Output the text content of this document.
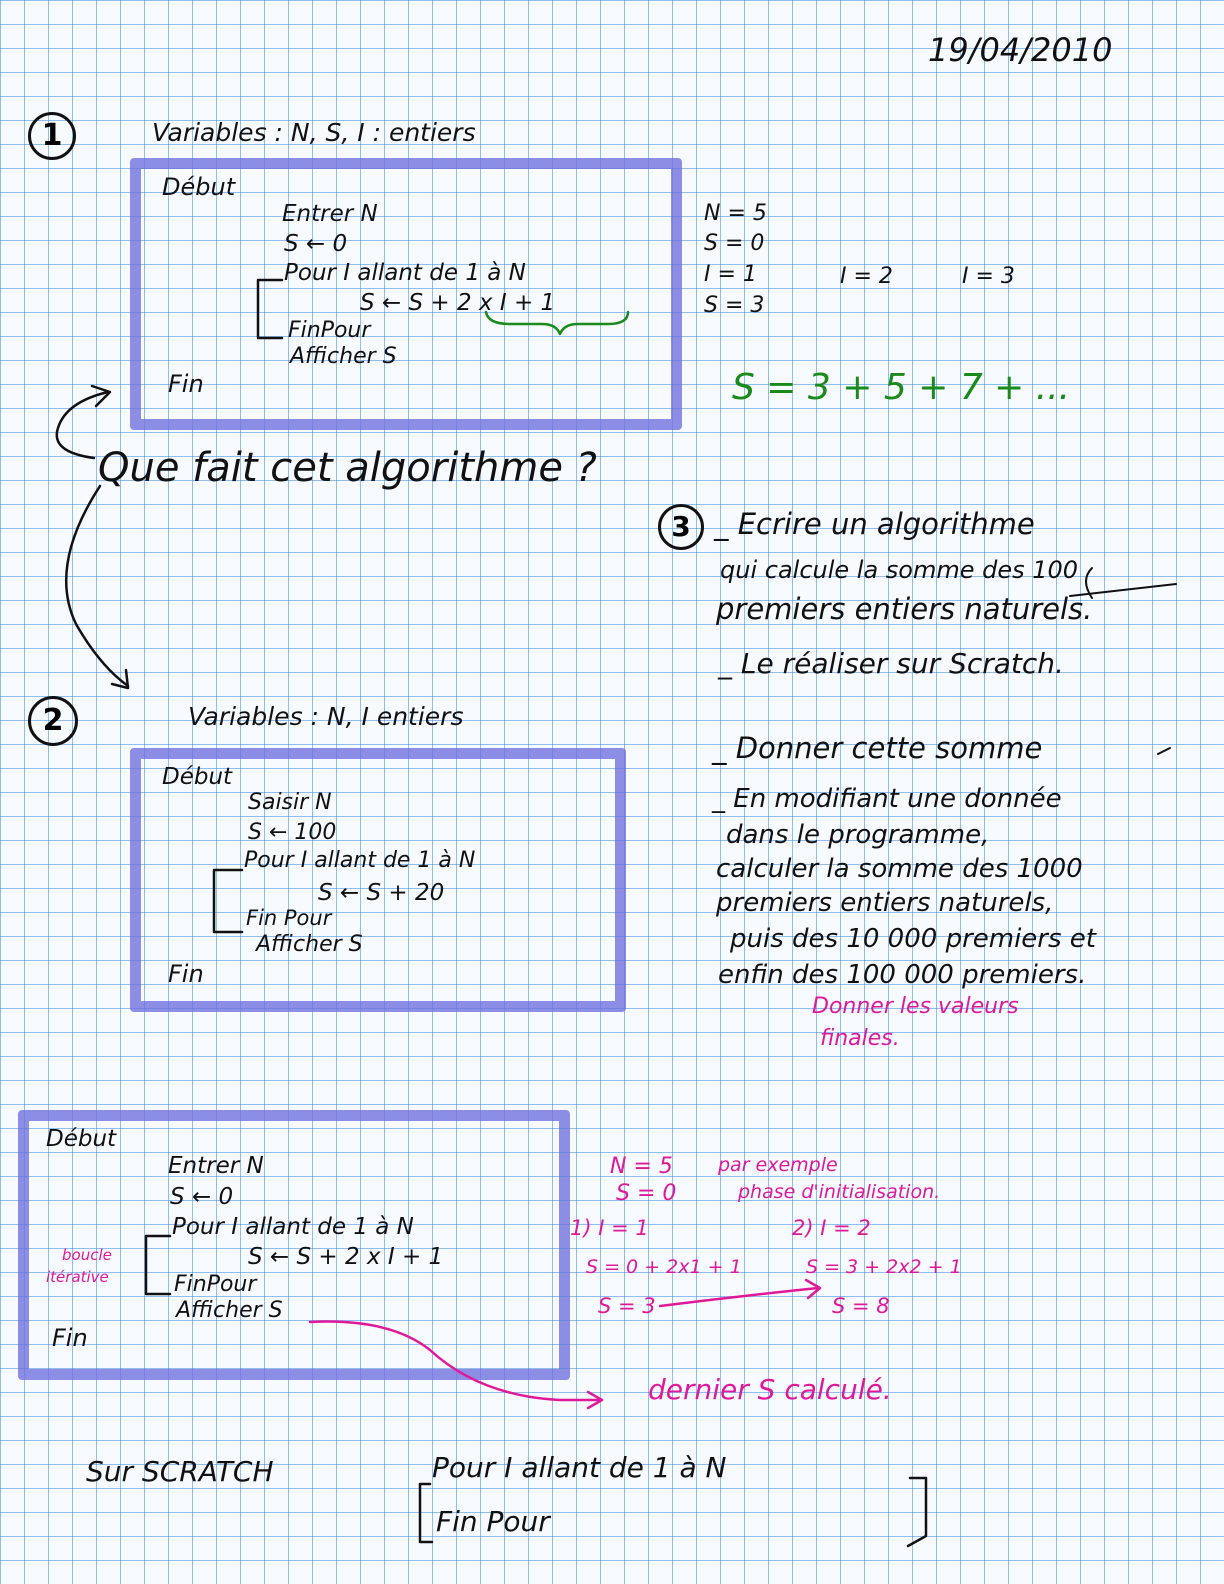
19/04/2010
1	Variables : N, S, I : entiers
Début
Entrer N
S ← 0
Pour I allant de 1 à N
S ← S + 2 x I + 1
FinPour
Afficher S
Fin
N = 5
S = 0
I = 1
S = 3
I = 2	I = 3
S = 3 + 5 + 7 + ...
Que fait cet algorithme ?
3 _ Ecrire un algorithme
qui calcule la somme des 100
premiers entiers naturels.
_ Le réaliser sur Scratch.
_ Donner cette somme
_ En modifiant une donnée
dans le programme,
calculer la somme des 1000
premiers entiers naturels,
puis des 10 000 premiers et
enfin des 100 000 premiers.
Donner les valeurs
finales.
2	Variables : N, I entiers
Début
Saisir N
S ← 100
Pour I allant de 1 à N
S ← S + 20
Fin Pour
Afficher S
Fin
Début
Entrer N
S ← 0
Pour I allant de 1 à N
S ← S + 2 x I + 1
FinPour
Afficher S
Fin
boucle
itérative
N = 5
S = 0
par exemple
phase d'initialisation.
1) I = 1
S = 0 + 2x1 + 1
S = 3
2) I = 2
S = 3 + 2x2 + 1
S = 8
dernier S calculé.
Sur SCRATCH	Pour I allant de 1 à N
Fin Pour
